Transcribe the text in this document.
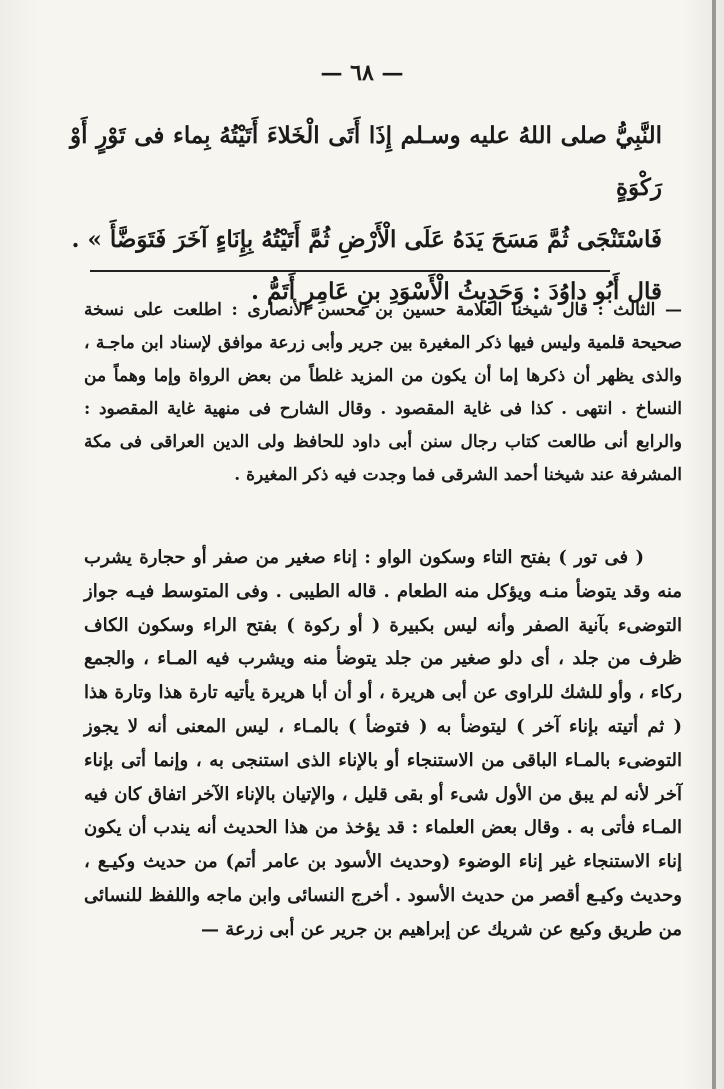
— ٦٨ —

النَّبِيُّ صلى اللهُ عليه وسـلم إِذَا أَتَى الْخَلاءَ أَتَيْتُهُ بِماء فى تَوْرٍ أَوْ رَكْوَةٍ

فَاسْتَنْجَى ثُمَّ مَسَحَ يَدَهُ عَلَى الْأَرْضِ ثُمَّ أَتَيْتُهُ بِإِنَاءٍ آخَرَ فَتَوَضَّأَ » .

قال أَبُو داوُدَ : وَحَدِيثُ الْأَسْوَدِ بنِ عَامِرٍ أَتَمُّ .

— الثالث : قال شيخنا العلامة حسين بن محسن الأنصارى : اطلعت على نسخة صحيحة قلمية وليس فيها ذكر المغيرة بين جرير وأبى زرعة موافق لإسناد ابن ماجـة ، والذى يظهر أن ذكرها إما أن يكون من المزيد غلطاً من بعض الرواة وإما وهماً من النساخ . انتهى . كذا فى غاية المقصود . وقال الشارح فى منهية غاية المقصود : والرابع أنى طالعت كتاب رجال سنن أبى داود للحافظ ولى الدين العراقى فى مكة المشرفة عند شيخنا أحمد الشرقى فما وجدت فيه ذكر المغيرة .

( فى تور ) بفتح التاء وسكون الواو : إناء صغير من صفر أو حجارة يشرب منه وقد يتوضأ منـه ويؤكل منه الطعام . قاله الطيبى . وفى المتوسط فيـه جواز التوضىء بآنية الصفر وأنه ليس بكبيرة ( أو ركوة ) بفتح الراء وسكون الكاف ظرف من جلد ، أى دلو صغير من جلد يتوضأ منه ويشرب فيه المـاء ، والجمع ركاء ، وأو للشك للراوى عن أبى هريرة ، أو أن أبا هريرة يأتيه تارة هذا وتارة هذا ( ثم أتيته بإناء آخر ) ليتوضأ به ( فتوضأ ) بالمـاء ، ليس المعنى أنه لا يجوز التوضىء بالمـاء الباقى من الاستنجاء أو بالإناء الذى استنجى به ، وإنما أتى بإناء آخر لأنه لم يبق من الأول شىء أو بقى قليل ، والإتيان بالإناء الآخر اتفاق كان فيه المـاء فأتى به . وقال بعض العلماء : قد يؤخذ من هذا الحديث أنه يندب أن يكون إناء الاستنجاء غير إناء الوضوء (وحديث الأسود بن عامر أتم) من حديث وكيـع ، وحديث وكيـع أقصر من حديث الأسود . أخرج النسائى وابن ماجه واللفظ للنسائى من طريق وكيع عن شريك عن إبراهيم بن جرير عن أبى زرعة —
